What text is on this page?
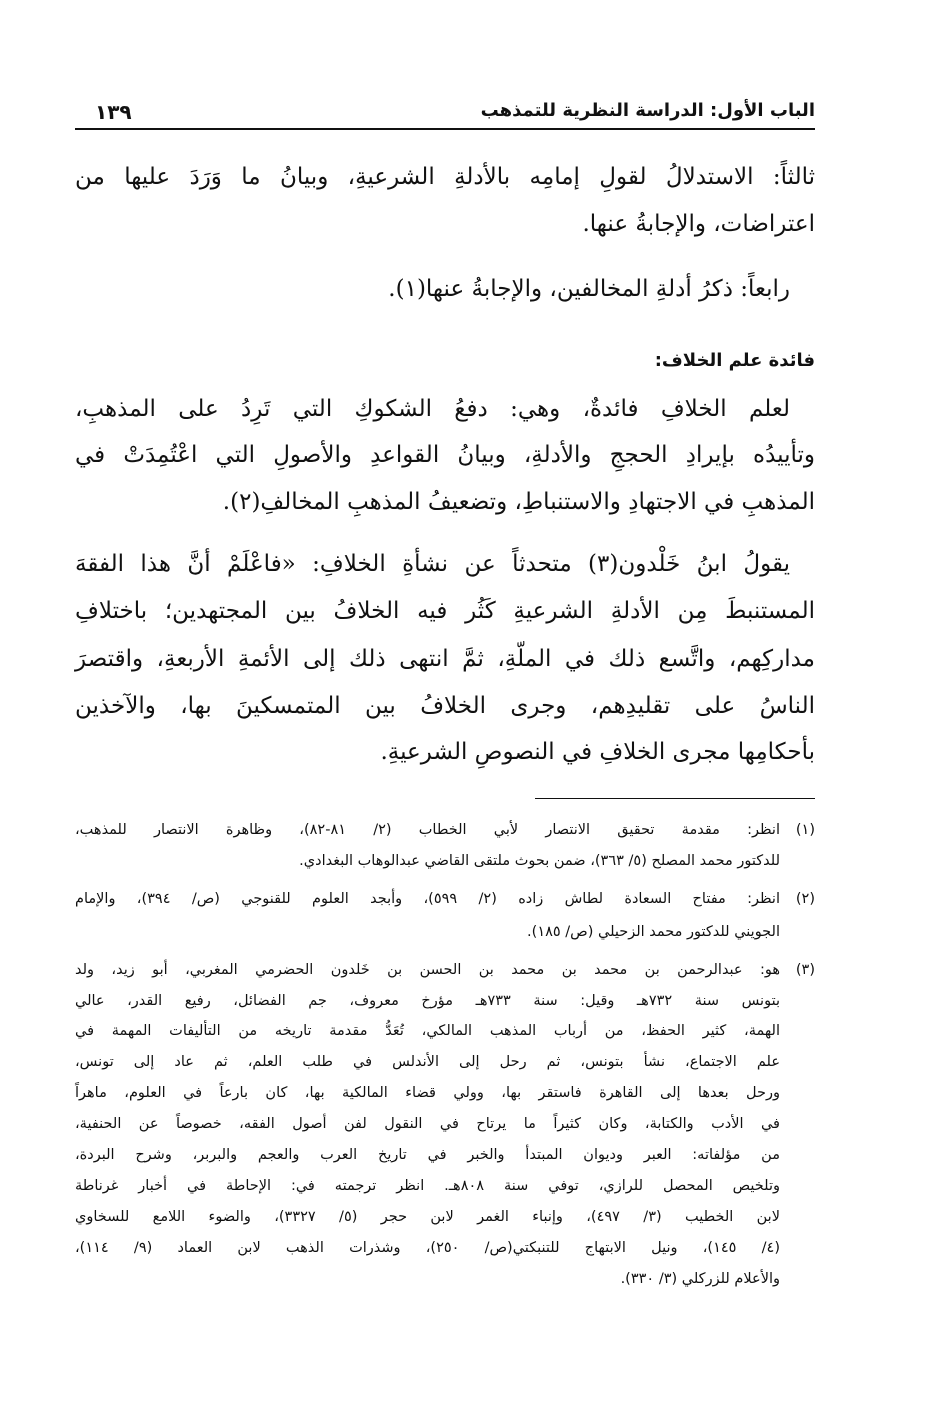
الباب الأول: الدراسة النظرية للتمذهب
١٣٩
ثالثاً: الاستدلالُ لقولِ إمامِه بالأدلةِ الشرعيةِ، وبيانُ ما وَرَدَ عليها من
اعتراضات، والإجابةُ عنها.
رابعاً: ذكرُ أدلةِ المخالفين، والإجابةُ عنها(١).
فائدة علم الخلاف:
لعلم الخلافِ فائدةٌ، وهي: دفعُ الشكوكِ التي تَرِدُ على المذهبِ،
وتأييدُه بإيرادِ الحججِ والأدلةِ، وبيانُ القواعدِ والأصولِ التي اعْتُمِدَتْ في
المذهبِ في الاجتهادِ والاستنباطِ، وتضعيفُ المذهبِ المخالفِ(٢).
يقولُ ابنُ خَلْدون(٣) متحدثاً عن نشأةِ الخلافِ: «فاعْلَمْ أنَّ هذا الفقهَ
المستنبطَ مِن الأدلةِ الشرعيةِ كَثُر فيه الخلافُ بين المجتهدين؛ باختلافِ
مداركِهم، واتَّسع ذلك في الملّةِ، ثمَّ انتهى ذلك إلى الأئمةِ الأربعةِ، واقتصرَ
الناسُ على تقليدِهم، وجرى الخلافُ بين المتمسكينَ بها، والآخذين
بأحكامِها مجرى الخلافِ في النصوصِ الشرعيةِ.
(١)
انظر: مقدمة تحقيق الانتصار لأبي الخطاب (٢/ ٨١-٨٢)، وظاهرة الانتصار للمذهب،
للدكتور محمد المصلح (٥/ ٣٦٣)، ضمن بحوث ملتقى القاضي عبدالوهاب البغدادي.
(٢)
انظر: مفتاح السعادة لطاش زاده (٢/ ٥٩٩)، وأبجد العلوم للقنوجي (ص/ ٣٩٤)، والإمام
الجويني للدكتور محمد الزحيلي (ص/ ١٨٥).
(٣)
هو: عبدالرحمن بن محمد بن محمد بن الحسن بن خَلدون الحضرمي المغربي، أبو زيد، ولد
بتونس سنة ٧٣٢هـ وقيل: سنة ٧٣٣هـ مؤرخ معروف، جم الفضائل، رفيع القدر، عالي
الهمة، كثير الحفظ، من أرباب المذهب المالكي، تُعَدُّ مقدمة تاريخه من التأليفات المهمة في
علم الاجتماع، نشأ بتونس، ثم رحل إلى الأندلس في طلب العلم، ثم عاد إلى تونس،
ورحل بعدها إلى القاهرة فاستقر بها، وولي قضاء المالكية بها، كان بارعاً في العلوم، ماهراً
في الأدب والكتابة، وكان كثيراً ما يرتاح في النقول لفن أصول الفقه، خصوصاً عن الحنفية،
من مؤلفاته: العبر وديوان المبتدأ والخبر في تاريخ العرب والعجم والبربر، وشرح البردة،
وتلخيص المحصل للرازي، توفي سنة ٨٠٨هـ. انظر ترجمته في: الإحاطة في أخبار غرناطة
لابن الخطيب (٣/ ٤٩٧)، وإنباء الغمر لابن حجر (٥/ ٣٣٢٧)، والضوء اللامع للسخاوي
(٤/ ١٤٥)، ونيل الابتهاج للتنبكتي(ص/ ٢٥٠)، وشذرات الذهب لابن العماد (٩/ ١١٤)،
والأعلام للزركلي (٣/ ٣٣٠).
